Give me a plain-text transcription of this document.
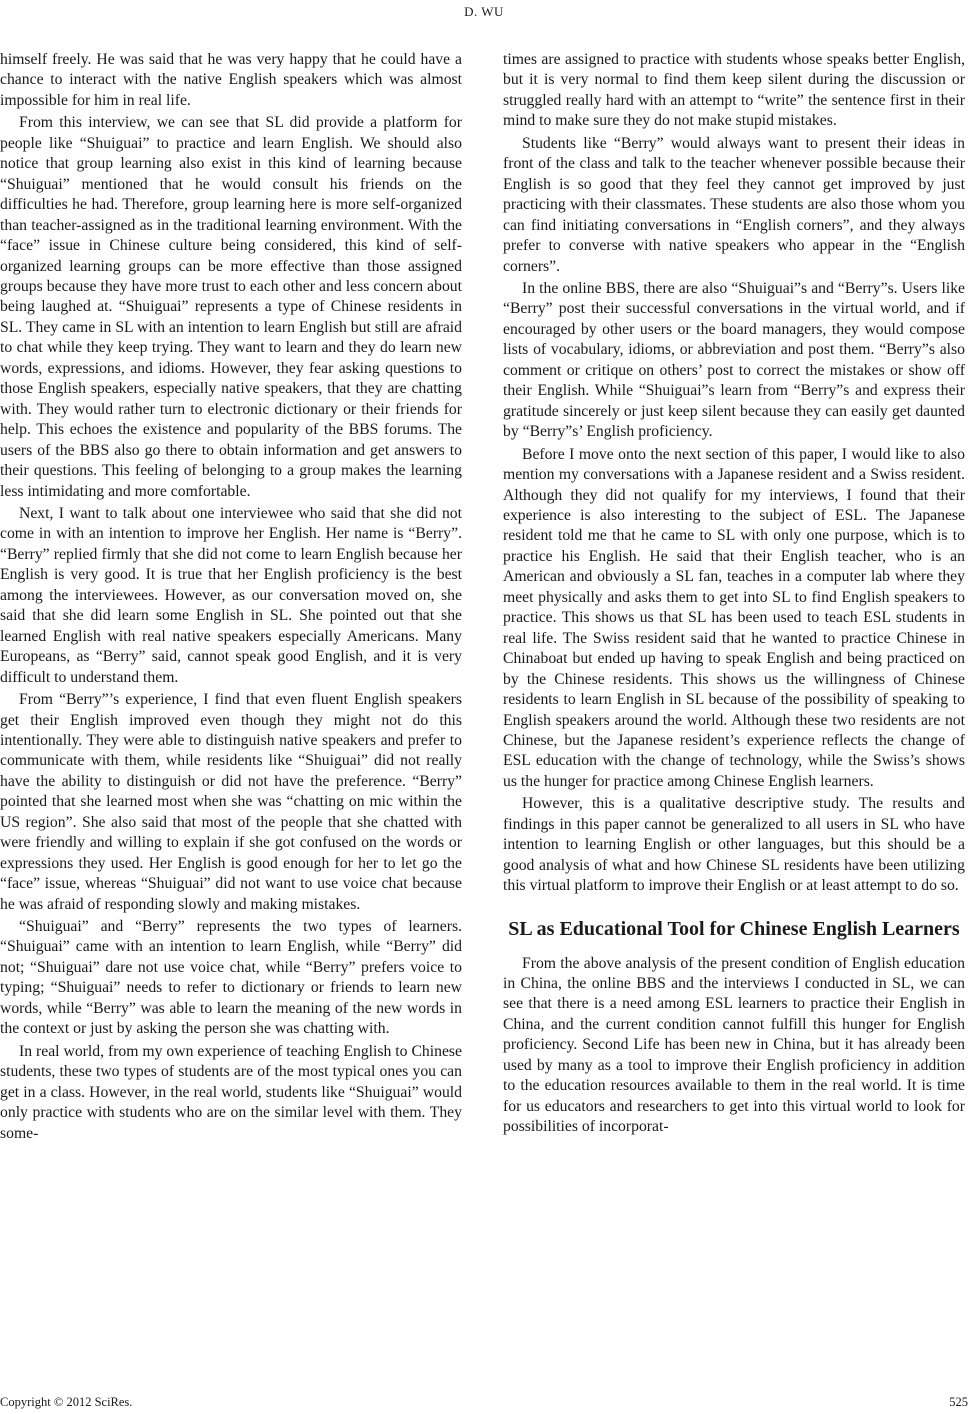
D. WU

himself freely. He was said that he was very happy that he could have a chance to interact with the native English speakers which was almost impossible for him in real life.

From this interview, we can see that SL did provide a platform for people like “Shuiguai” to practice and learn English. We should also notice that group learning also exist in this kind of learning because “Shuiguai” mentioned that he would consult his friends on the difficulties he had. Therefore, group learning here is more self-organized than teacher-assigned as in the traditional learning environment. With the “face” issue in Chinese culture being considered, this kind of self-organized learning groups can be more effective than those assigned groups because they have more trust to each other and less concern about being laughed at. “Shuiguai” represents a type of Chinese residents in SL. They came in SL with an intention to learn English but still are afraid to chat while they keep trying. They want to learn and they do learn new words, expressions, and idioms. However, they fear asking questions to those English speakers, especially native speakers, that they are chatting with. They would rather turn to electronic dictionary or their friends for help. This echoes the existence and popularity of the BBS forums. The users of the BBS also go there to obtain information and get answers to their questions. This feeling of belonging to a group makes the learning less intimidating and more comfortable.

Next, I want to talk about one interviewee who said that she did not come in with an intention to improve her English. Her name is “Berry”. “Berry” replied firmly that she did not come to learn English because her English is very good. It is true that her English proficiency is the best among the interviewees. However, as our conversation moved on, she said that she did learn some English in SL. She pointed out that she learned English with real native speakers especially Americans. Many Europeans, as “Berry” said, cannot speak good English, and it is very difficult to understand them.

From “Berry”’s experience, I find that even fluent English speakers get their English improved even though they might not do this intentionally. They were able to distinguish native speakers and prefer to communicate with them, while residents like “Shuiguai” did not really have the ability to distinguish or did not have the preference. “Berry” pointed that she learned most when she was “chatting on mic within the US region”. She also said that most of the people that she chatted with were friendly and willing to explain if she got confused on the words or expressions they used. Her English is good enough for her to let go the “face” issue, whereas “Shuiguai” did not want to use voice chat because he was afraid of responding slowly and making mistakes.

“Shuiguai” and “Berry” represents the two types of learners. “Shuiguai” came with an intention to learn English, while “Berry” did not; “Shuiguai” dare not use voice chat, while “Berry” prefers voice to typing; “Shuiguai” needs to refer to dictionary or friends to learn new words, while “Berry” was able to learn the meaning of the new words in the context or just by asking the person she was chatting with.

In real world, from my own experience of teaching English to Chinese students, these two types of students are of the most typical ones you can get in a class. However, in the real world, students like “Shuiguai” would only practice with students who are on the similar level with them. They some-

times are assigned to practice with students whose speaks better English, but it is very normal to find them keep silent during the discussion or struggled really hard with an attempt to “write” the sentence first in their mind to make sure they do not make stupid mistakes.

Students like “Berry” would always want to present their ideas in front of the class and talk to the teacher whenever possible because their English is so good that they feel they cannot get improved by just practicing with their classmates. These students are also those whom you can find initiating conversations in “English corners”, and they always prefer to converse with native speakers who appear in the “English corners”.

In the online BBS, there are also “Shuiguai”s and “Berry”s. Users like “Berry” post their successful conversations in the virtual world, and if encouraged by other users or the board managers, they would compose lists of vocabulary, idioms, or abbreviation and post them. “Berry”s also comment or critique on others’ post to correct the mistakes or show off their English. While “Shuiguai”s learn from “Berry”s and express their gratitude sincerely or just keep silent because they can easily get daunted by “Berry”s’ English proficiency.

Before I move onto the next section of this paper, I would like to also mention my conversations with a Japanese resident and a Swiss resident. Although they did not qualify for my interviews, I found that their experience is also interesting to the subject of ESL. The Japanese resident told me that he came to SL with only one purpose, which is to practice his English. He said that their English teacher, who is an American and obviously a SL fan, teaches in a computer lab where they meet physically and asks them to get into SL to find English speakers to practice. This shows us that SL has been used to teach ESL students in real life. The Swiss resident said that he wanted to practice Chinese in Chinaboat but ended up having to speak English and being practiced on by the Chinese residents. This shows us the willingness of Chinese residents to learn English in SL because of the possibility of speaking to English speakers around the world. Although these two residents are not Chinese, but the Japanese resident’s experience reflects the change of ESL education with the change of technology, while the Swiss’s shows us the hunger for practice among Chinese English learners.

However, this is a qualitative descriptive study. The results and findings in this paper cannot be generalized to all users in SL who have intention to learning English or other languages, but this should be a good analysis of what and how Chinese SL residents have been utilizing this virtual platform to improve their English or at least attempt to do so.

SL as Educational Tool for Chinese English Learners

From the above analysis of the present condition of English education in China, the online BBS and the interviews I conducted in SL, we can see that there is a need among ESL learners to practice their English in China, and the current condition cannot fulfill this hunger for English proficiency. Second Life has been new in China, but it has already been used by many as a tool to improve their English proficiency in addition to the education resources available to them in the real world. It is time for us educators and researchers to get into this virtual world to look for possibilities of incorporat-

Copyright © 2012 SciRes.	525
